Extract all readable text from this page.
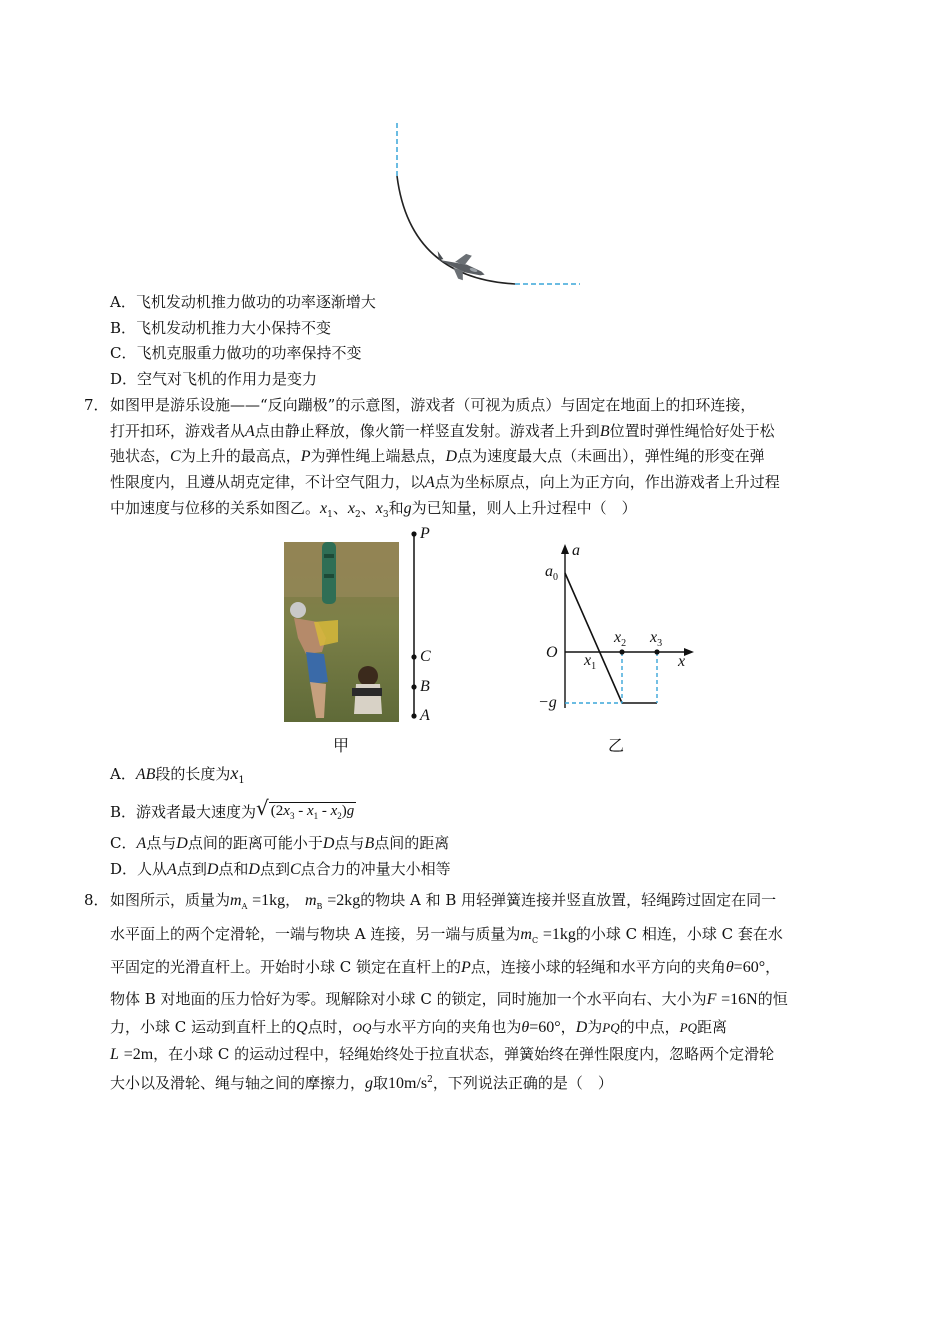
A．飞机发动机推力做功的功率逐渐增大
B．飞机发动机推力大小保持不变
C．飞机克服重力做功的功率保持不变
D．空气对飞机的作用力是变力
7． 如图甲是游乐设施——“反向蹦极”的示意图，游戏者（可视为质点）与固定在地面上的扣环连接，
打开扣环，游戏者从A点由静止释放，像火箭一样竖直发射。游戏者上升到B位置时弹性绳恰好处于松
弛状态，C为上升的最高点，P为弹性绳上端悬点，D点为速度最大点（未画出），弹性绳的形变在弹
性限度内，且遵从胡克定律，不计空气阻力，以A点为坐标原点，向上为正方向，作出游戏者上升过程
中加速度与位移的关系如图乙。$x_1$、$x_2$、$x_3$和g为已知量，则人上升过程中（　）
P
C
B
A
甲
a
$a_0$
O $x_1$
$x_2$ $x_3$
x
−g
乙
A．AB段的长度为$x_1$
B．游戏者最大速度为√ $(2x_3 - x_1 - x_2)g$
C．A点与D点间的距离可能小于D点与B点间的距离
D．人从A点到D点和D点到C点合力的冲量大小相等
8． 如图所示，质量为$m_A =1kg$， $m_B =2kg$的物块 A 和 B 用轻弹簧连接并竖直放置，轻绳跨过固定在同一
水平面上的两个定滑轮，一端与物块 A 连接，另一端与质量为$m_C =1kg$的小球 C 相连，小球 C 套在水
平固定的光滑直杆上。开始时小球 C 锁定在直杆上的P点，连接小球的轻绳和水平方向的夹角θ=60°，
物体 B 对地面的压力恰好为零。现解除对小球 C 的锁定，同时施加一个水平向右、大小为F =16N的恒
力，小球 C 运动到直杆上的Q点时，OQ与水平方向的夹角也为θ=60°，D为PQ的中点，PQ距离
L =2m，在小球 C 的运动过程中，轻绳始终处于拉直状态，弹簧始终在弹性限度内，忽略两个定滑轮
大小以及滑轮、绳与轴之间的摩擦力，g取$10m/s^2$，下列说法正确的是（　）
